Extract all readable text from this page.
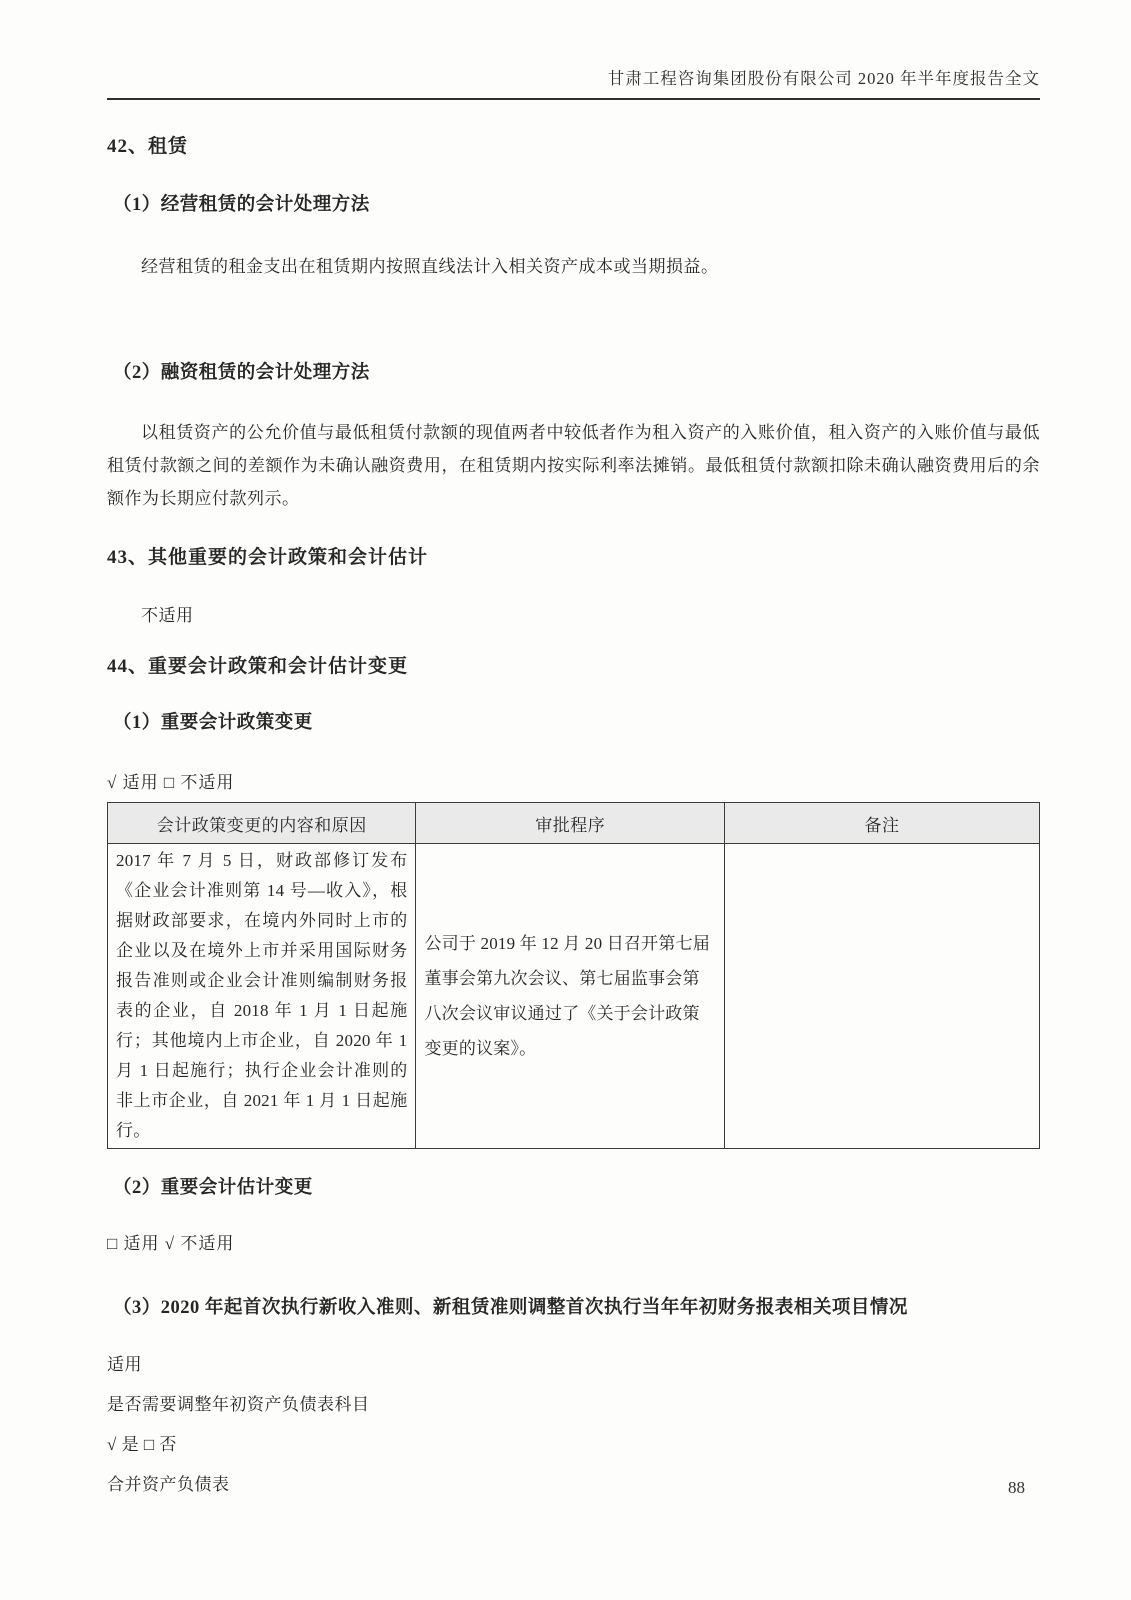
甘肃工程咨询集团股份有限公司 2020 年半年度报告全文
42、租赁
（1）经营租赁的会计处理方法

经营租赁的租金支出在租赁期内按照直线法计入相关资产成本或当期损益。

（2）融资租赁的会计处理方法

以租赁资产的公允价值与最低租赁付款额的现值两者中较低者作为租入资产的入账价值，租入资产的入账价值与最低租赁付款额之间的差额作为未确认融资费用，在租赁期内按实际利率法摊销。最低租赁付款额扣除未确认融资费用后的余额作为长期应付款列示。

43、其他重要的会计政策和会计估计

不适用

44、重要会计政策和会计估计变更
（1）重要会计政策变更

√ 适用 □ 不适用

会计政策变更的内容和原因	审批程序	备注
2017 年 7 月 5 日，财政部修订发布《企业会计准则第 14 号—收入》，根据财政部要求，在境内外同时上市的企业以及在境外上市并采用国际财务报告准则或企业会计准则编制财务报表的企业，自 2018 年 1 月 1 日起施行；其他境内上市企业，自 2020 年 1 月 1 日起施行；执行企业会计准则的非上市企业，自 2021 年 1 月 1 日起施行。	公司于 2019 年 12 月 20 日召开第七届董事会第九次会议、第七届监事会第八次会议审议通过了《关于会计政策变更的议案》。	
（2）重要会计估计变更

□ 适用 √ 不适用

（3）2020 年起首次执行新收入准则、新租赁准则调整首次执行当年年初财务报表相关项目情况

适用

是否需要调整年初资产负债表科目

√ 是 □ 否

合并资产负债表	88
